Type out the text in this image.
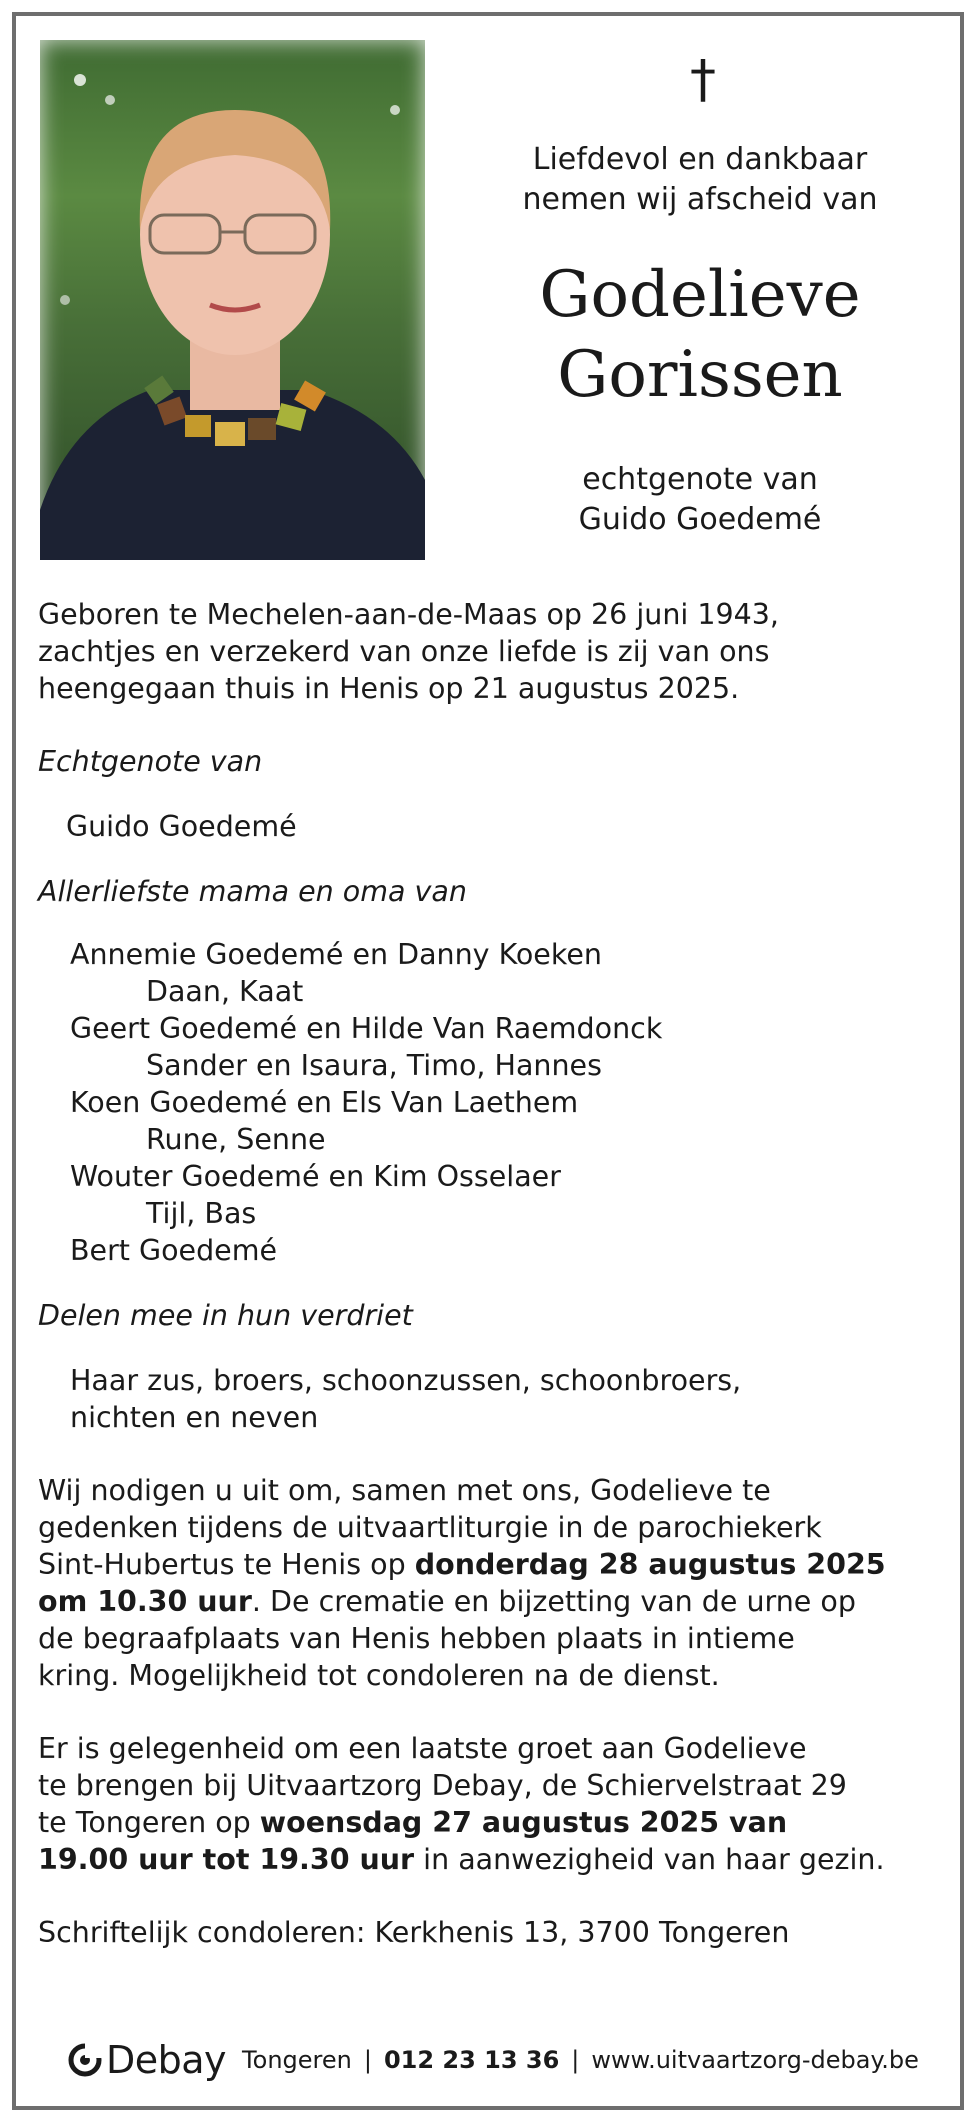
†
Liefdevol en dankbaar
nemen wij afscheid van
Godelieve
Gorissen
echtgenote van
Guido Goedemé

Geboren te Mechelen-aan-de-Maas op 26 juni 1943,

zachtjes en verzekerd van onze liefde is zij van ons

heengegaan thuis in Henis op 21 augustus 2025.

Echtgenote van

Guido Goedemé

Allerliefste mama en oma van

Annemie Goedemé en Danny Koeken

Daan, Kaat

Geert Goedemé en Hilde Van Raemdonck

Sander en Isaura, Timo, Hannes

Koen Goedemé en Els Van Laethem

Rune, Senne

Wouter Goedemé en Kim Osselaer

Tijl, Bas

Bert Goedemé

Delen mee in hun verdriet

Haar zus, broers, schoonzussen, schoonbroers,

nichten en neven

Wij nodigen u uit om, samen met ons, Godelieve te

gedenken tijdens de uitvaartliturgie in de parochiekerk

Sint-Hubertus te Henis op donderdag 28 augustus 2025

om 10.30 uur. De crematie en bijzetting van de urne op

de begraafplaats van Henis hebben plaats in intieme

kring. Mogelijkheid tot condoleren na de dienst.

Er is gelegenheid om een laatste groet aan Godelieve

te brengen bij Uitvaartzorg Debay, de Schiervelstraat 29

te Tongeren op woensdag 27 augustus 2025 van

19.00 uur tot 19.30 uur in aanwezigheid van haar gezin.

Schriftelijk condoleren: Kerkhenis 13, 3700 Tongeren

Debay Tongeren | 012 23 13 36 | www.uitvaartzorg-debay.be
